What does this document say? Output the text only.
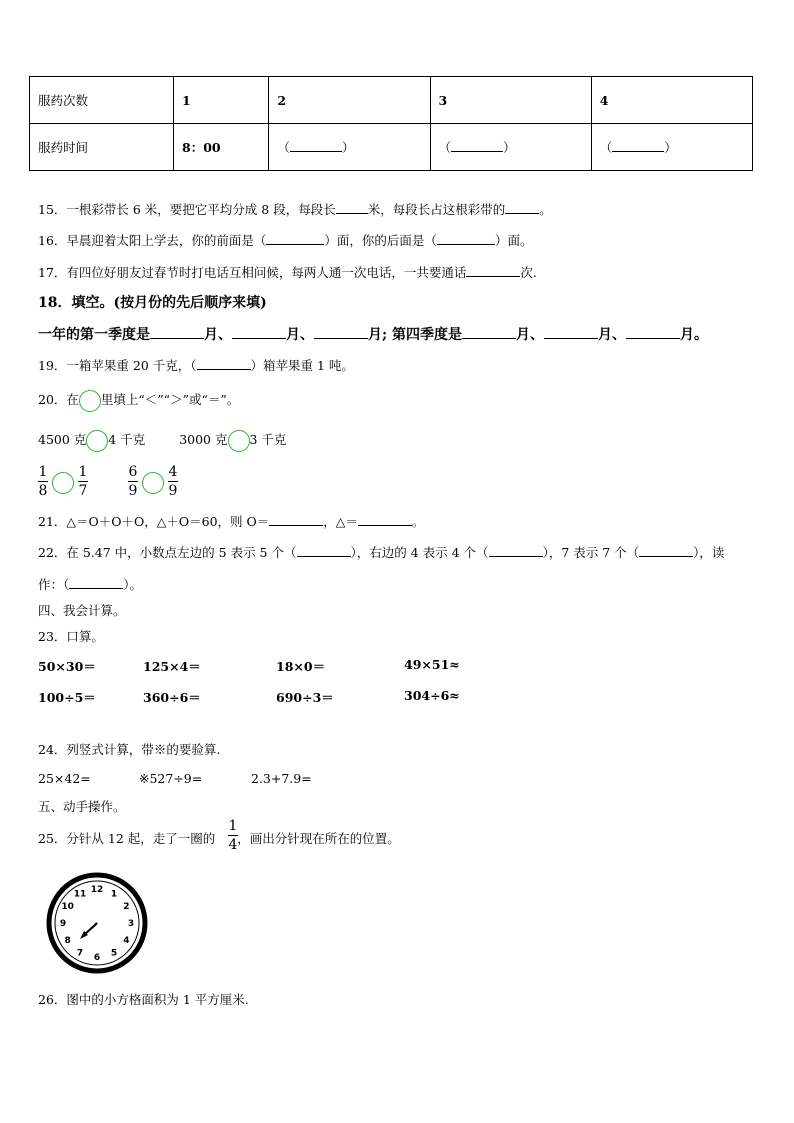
服药次数	1	2	3	4
服药时间	8：00	（ ）	（ ）	（ ）
15．一根彩带长 6 米，要把它平均分成 8 段，每段长	米，每段长占这根彩带的	。
16．早晨迎着太阳上学去，你的前面是（	）面，你的后面是（	）面。
17．有四位好朋友过春节时打电话互相问候，每两人通一次电话，一共要通话	次.
18．填空。(按月份的先后顺序来填)
一年的第一季度是	月、	月、	月; 第四季度是	月、	月、	月。
19．一箱苹果重 20 千克，（	）箱苹果重 1 吨。
20．在 里填上“＜”“＞”或“＝”。
4500 克 4 千克	3000 克 3 千克
1
8
1
7
6
9
4
9
21．△＝O＋O＋O，△＋O＝60，则 O＝	，△＝	。
22．在 5.47 中，小数点左边的 5 表示 5 个（	），右边的 4 表示 4 个（	），7 表示 7 个（	），读
作：（	）。
四、我会计算。
23．口算。
50×30＝	125×4＝	18×0＝	49×51≈
100÷5＝	360÷6＝	690÷3＝	304÷6≈
24．列竖式计算，带※的要验算.
25×42=	※527÷9=	2.3+7.9=
五、动手操作。
25．分针从 12 起，走了一圈的 ，画出分针现在所在的位置。
1
4
12 1
2
3
4
5
6
7
8
9
10
11
26．图中的小方格面积为 1 平方厘米.
